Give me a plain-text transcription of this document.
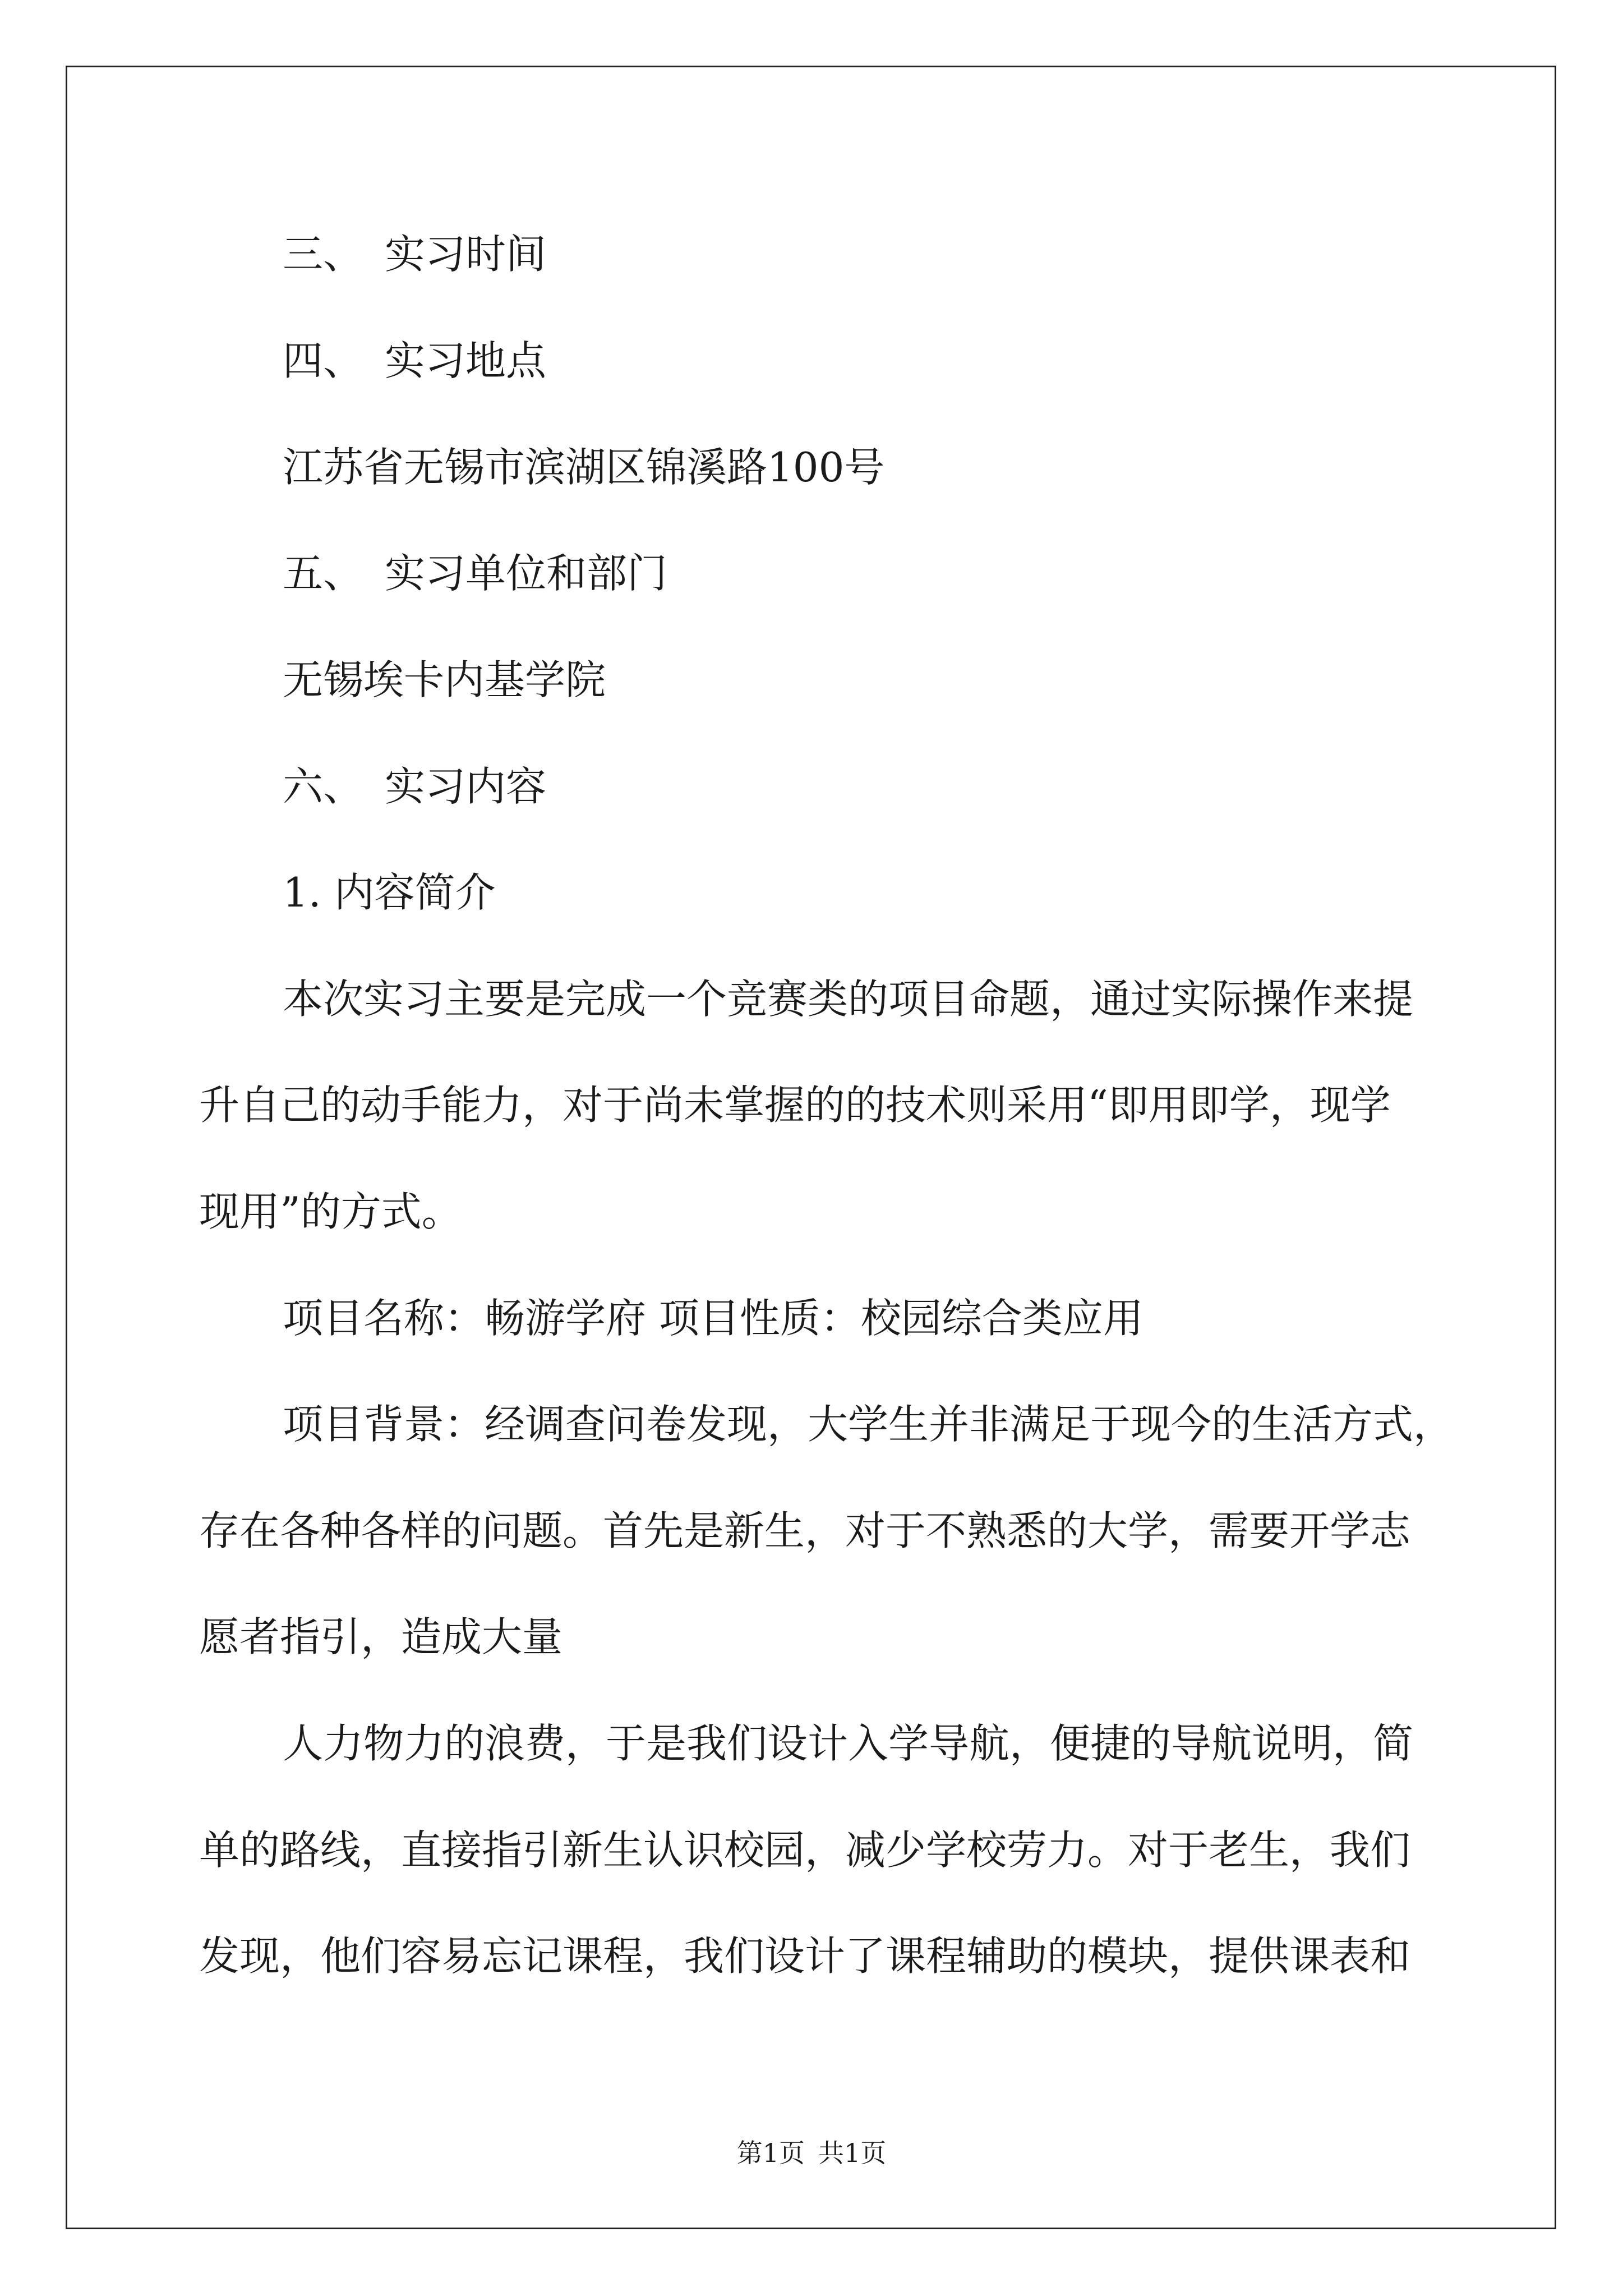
三、 实习时间

四、 实习地点

江苏省无锡市滨湖区锦溪路100号

五、 实习单位和部门

无锡埃卡内基学院

六、 实习内容

1. 内容简介

本次实习主要是完成一个竞赛类的项目命题，通过实际操作来提

升自己的动手能力，对于尚未掌握的的技术则采用“即用即学，现学

现用”的方式。

项目名称：畅游学府 项目性质：校园综合类应用

项目背景：经调查问卷发现，大学生并非满足于现今的生活方式，

存在各种各样的问题。首先是新生，对于不熟悉的大学，需要开学志

愿者指引，造成大量

人力物力的浪费，于是我们设计入学导航，便捷的导航说明，简

单的路线，直接指引新生认识校园，减少学校劳力。对于老生，我们

发现，他们容易忘记课程，我们设计了课程辅助的模块，提供课表和

第1页 共1页
